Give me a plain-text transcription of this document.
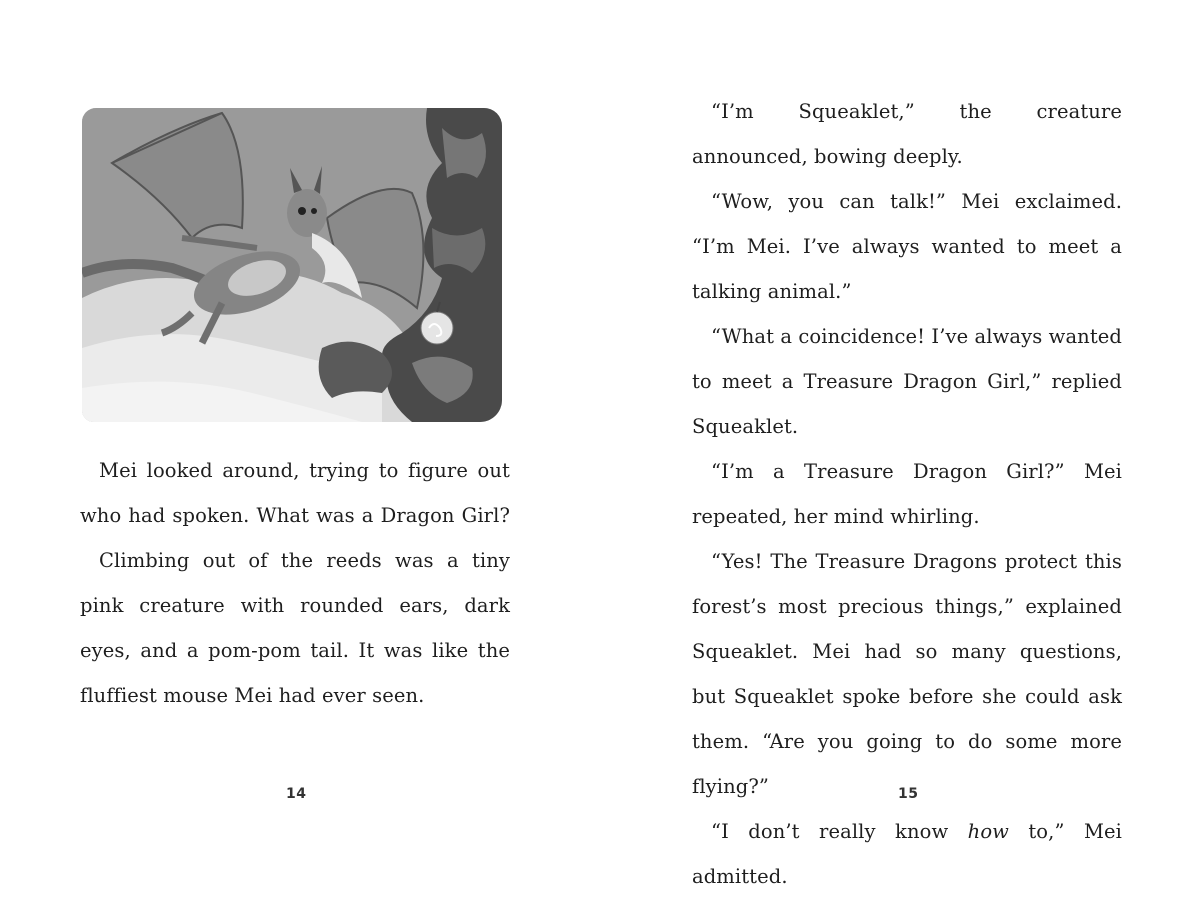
Mei looked around, trying to figure out who had spoken. What was a Dragon Girl?

Climbing out of the reeds was a tiny pink creature with rounded ears, dark eyes, and a pom-pom tail. It was like the fluffiest mouse Mei had ever seen.

14

“I’m Squeaklet,” the creature announced, bowing deeply.

“Wow, you can talk!” Mei exclaimed. “I’m Mei. I’ve always wanted to meet a talking animal.”

“What a coincidence! I’ve always wanted to meet a Treasure Dragon Girl,” replied Squeaklet.

“I’m a Treasure Dragon Girl?” Mei repeated, her mind whirling.

“Yes! The Treasure Dragons protect this forest’s most precious things,” explained Squeaklet. Mei had so many questions, but Squeaklet spoke before she could ask them. “Are you going to do some more flying?”

“I don’t really know how to,” Mei admitted.

15
